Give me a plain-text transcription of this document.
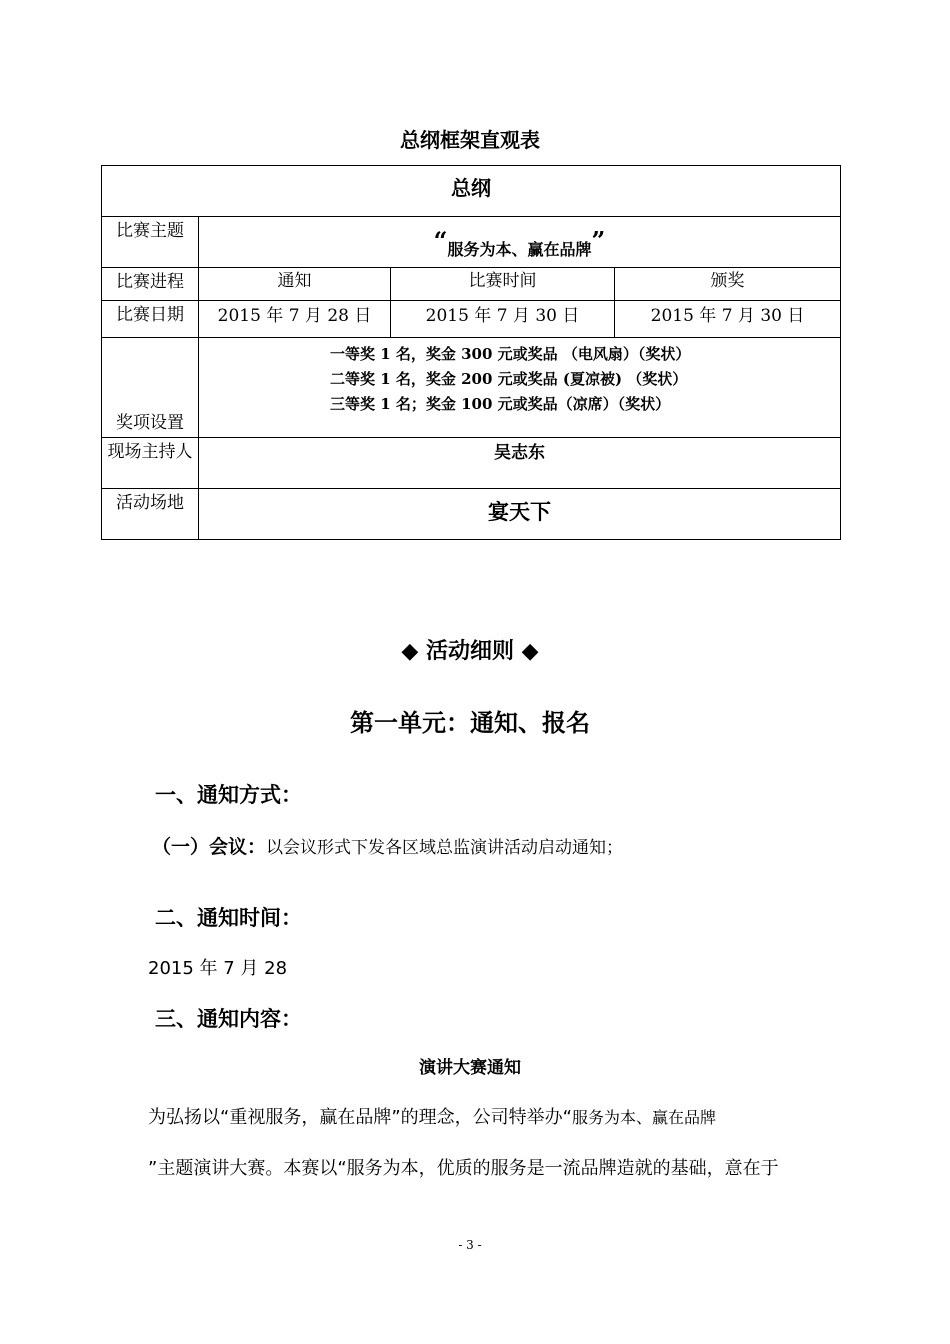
总纲框架直观表
总纲			
比赛主题	“服务为本、赢在品牌”		
比赛进程	通知	比赛时间	颁奖
比赛日期	2015 年 7 月 28 日	2015 年 7 月 30 日	2015 年 7 月 30 日
奖项设置	一等奖 1 名，奖金 300 元或奖品 （电风扇）（奖状）
二等奖 1 名，奖金 200 元或奖品 (夏凉被) （奖状）
三等奖 1 名；奖金 100 元或奖品（凉席）（奖状）		

现场主持人	吴志东		
活动场地	宴天下		
◆ 活动细则 ◆
第一单元：通知、报名
一、通知方式：
（一）会议：以会议形式下发各区域总监演讲活动启动通知；
二、通知时间：
2015 年 7 月 28
三、通知内容：
演讲大赛通知
为弘扬以“重视服务，赢在品牌”的理念，公司特举办“服务为本、赢在品牌
”主题演讲大赛。本赛以“服务为本，优质的服务是一流品牌造就的基础，意在于
- 3 -
